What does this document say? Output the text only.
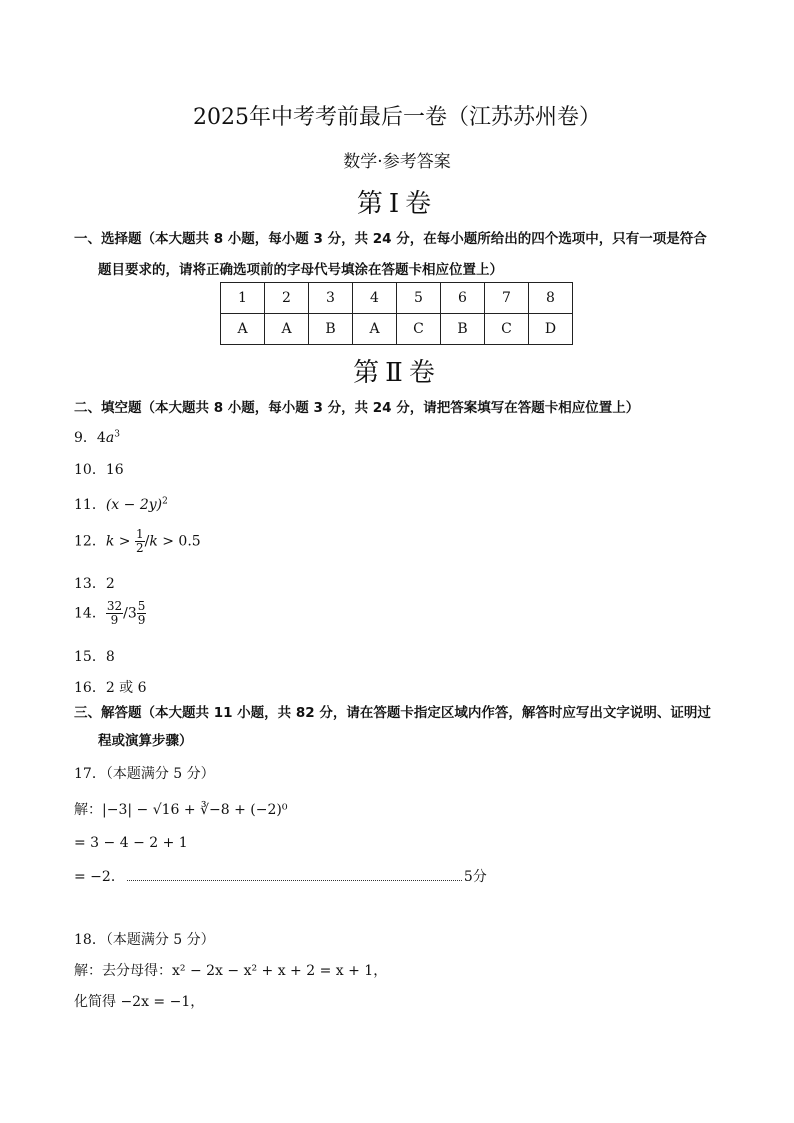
2025年中考考前最后一卷（江苏苏州卷）
数学·参考答案
第Ⅰ卷
一、选择题（本大题共 8 小题，每小题 3 分，共 24 分，在每小题所给出的四个选项中，只有一项是符合
题目要求的，请将正确选项前的字母代号填涂在答题卡相应位置上）
1	2	3	4	5	6	7	8
A	A	B	A	C	B	C	D
第Ⅱ卷
二、填空题（本大题共 8 小题，每小题 3 分，共 24 分，请把答案填写在答题卡相应位置上）
9．$4a^3$
10．16
11．$(x - 2y)^2$
12．$k > \frac{1}{2} /k > 0.5$
13．2
14． $\frac{32}{9} /3 \frac{5}{9}$
15．8
16．2 或 6
三、解答题（本大题共 11 小题，共 82 分，请在答题卡指定区域内作答，解答时应写出文字说明、证明过
程或演算步骤）
17．（本题满分 5 分）
解：|−3| − √16 + ∛−8 + (−2)⁰
= 3 − 4 − 2 + 1
= −2．	5分
18．（本题满分 5 分）
解：去分母得：x² − 2x − x² + x + 2 = x + 1，
化简得 −2x = −1，
